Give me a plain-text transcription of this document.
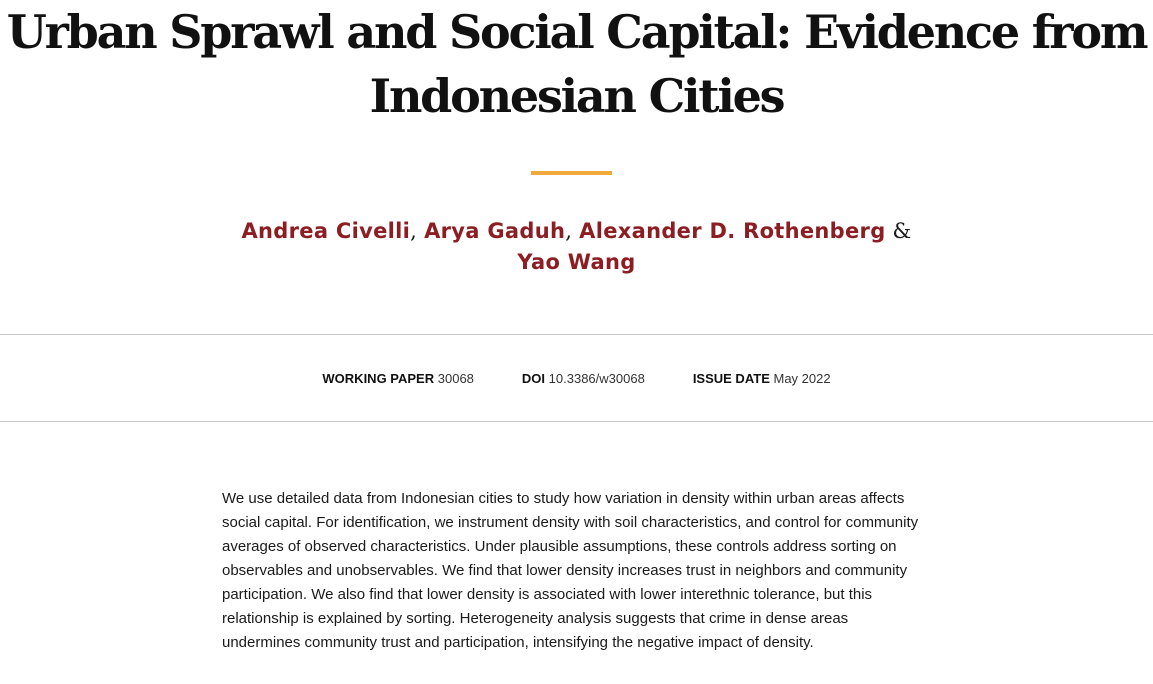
Urban Sprawl and Social Capital: Evidence from
Indonesian Cities
Andrea Civelli, Arya Gaduh, Alexander D. Rothenberg &
Yao Wang
WORKING PAPER 30068	DOI 10.3386/w30068	ISSUE DATE May 2022

We use detailed data from Indonesian cities to study how variation in density within urban areas affects social capital. For identification, we instrument density with soil characteristics, and control for community averages of observed characteristics. Under plausible assumptions, these controls address sorting on observables and unobservables. We find that lower density increases trust in neighbors and community participation. We also find that lower density is associated with lower interethnic tolerance, but this relationship is explained by sorting. Heterogeneity analysis suggests that crime in dense areas undermines community trust and participation, intensifying the negative impact of density.
